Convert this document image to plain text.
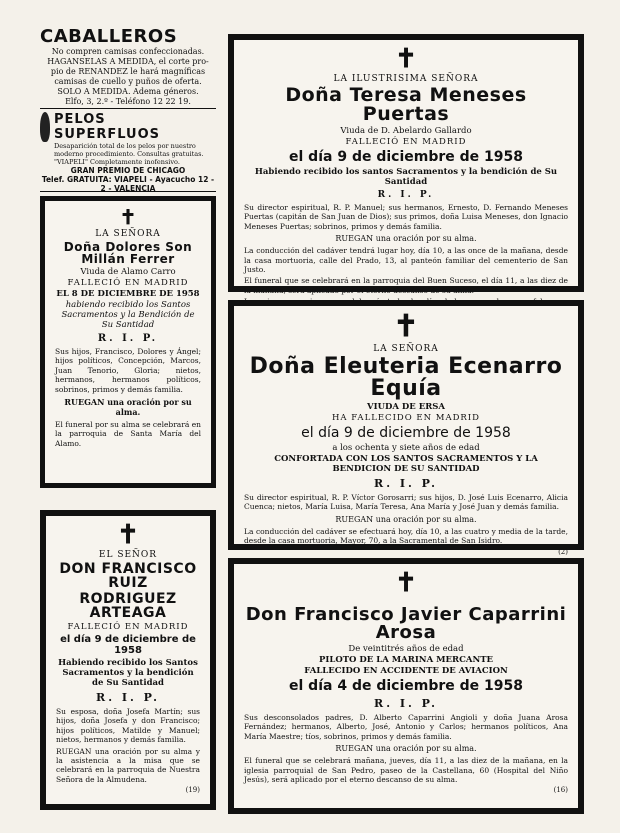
CABALLEROS
No compren camisas confeccionadas.
HAGANSELAS A MEDIDA, el corte pro-
pio de RENANDEZ le hará magníficas
camisas de cuello y puños de oferta.
SOLO A MEDIDA. Adema géneros.
Elfo, 3, 2.º - Teléfono 12 22 19.
PELOS SUPERFLUOS
Desaparición total de los pelos por nuestro moderno procedimiento. Consultas gratuitas. "VIAPELI" Completamente inofensivo.
GRAN PREMIO DE CHICAGO
Telef. GRATUITA: VIAPELI - Ayacucho 12 - 2 - VALENCIA
✝
LA SEÑORA
Doña Dolores Son Millán Ferrer
Viuda de Alamo Carro
FALLECIÓ EN MADRID
EL 8 DE DICIEMBRE DE 1958
habiendo recibido los Santos Sacramentos y la Bendición de Su Santidad
R. I. P.
Sus hijos, Francisco, Dolores y Ángel; hijos políticos, Concepción, Marcos, Juan Tenorio, Gloria; nietos, hermanos, hermanos políticos, sobrinos, primos y demás familia.
RUEGAN una oración por su alma.
El funeral por su alma se celebrará en la parroquia de Santa María del Alamo.
✝
EL SEÑOR
DON FRANCISCO RUIZ
RODRIGUEZ ARTEAGA
FALLECIÓ EN MADRID
el día 9 de diciembre de 1958
Habiendo recibido los Santos Sacramentos y la bendición de Su Santidad
R. I. P.
Su esposa, doña Josefa Martín; sus hijos, doña Josefa y don Francisco; hijos políticos, Matilde y Manuel; nietos, hermanos y demás familia.
RUEGAN una oración por su alma y la asistencia a la misa que se celebrará en la parroquia de Nuestra Señora de la Almudena.
(19)
✝
LA ILUSTRISIMA SEÑORA
Doña Teresa Meneses Puertas
Viuda de D. Abelardo Gallardo
FALLECIÓ EN MADRID
el día 9 de diciembre de 1958
Habiendo recibido los santos Sacramentos y la bendición de Su Santidad
R. I. P.
Su director espiritual, R. P. Manuel; sus hermanos, Ernesto, D. Fernando Meneses Puertas (capitán de San Juan de Dios); sus primos, doña Luisa Meneses, don Ignacio Meneses Puertas; sobrinos, primos y demás familia.
RUEGAN una oración por su alma.
La conducción del cadáver tendrá lugar hoy, día 10, a las once de la mañana, desde la casa mortuoria, calle del Prado, 13, al panteón familiar del cementerio de San Justo.
El funeral que se celebrará en la parroquia del Buen Suceso, el día 11, a las diez de la mañana, será aplicado por el eterno descanso de su alma.
✝
LA SEÑORA
Doña Eleuteria Ecenarro Equía
VIUDA DE ERSA
HA FALLECIDO EN MADRID
el día 9 de diciembre de 1958
a los ochenta y siete años de edad
CONFORTADA CON LOS SANTOS SACRAMENTOS Y LA BENDICION DE SU SANTIDAD
R. I. P.
Su director espiritual, R. P. Víctor Gorosarri; sus hijos, D. José Luis Ecenarro, Alicia Cuenca; nietos, María Luisa, María Teresa, Ana María y José Juan y demás familia.
RUEGAN una oración por su alma.
La conducción del cadáver se efectuará hoy, día 10, a las cuatro y media de la tarde, desde la casa mortuoria, Mayor, 70, a la Sacramental de San Isidro.
(2)
✝
Don Francisco Javier Caparrini Arosa
De veintitrés años de edad
PILOTO DE LA MARINA MERCANTE
FALLECIDO EN ACCIDENTE DE AVIACION
el día 4 de diciembre de 1958
R. I. P.
Sus desconsolados padres, D. Alberto Caparrini Angioli y doña Juana Arosa Fernández; hermanos, Alberto, José, Antonio y Carlos; hermanos políticos, Ana María Maestre; tíos, sobrinos, primos y demás familia.
RUEGAN una oración por su alma.
El funeral que se celebrará mañana, jueves, día 11, a las diez de la mañana, en la iglesia parroquial de San Pedro, paseo de la Castellana, 60 (Hospital del Niño Jesús), será aplicado por el eterno descanso de su alma.
(16)
